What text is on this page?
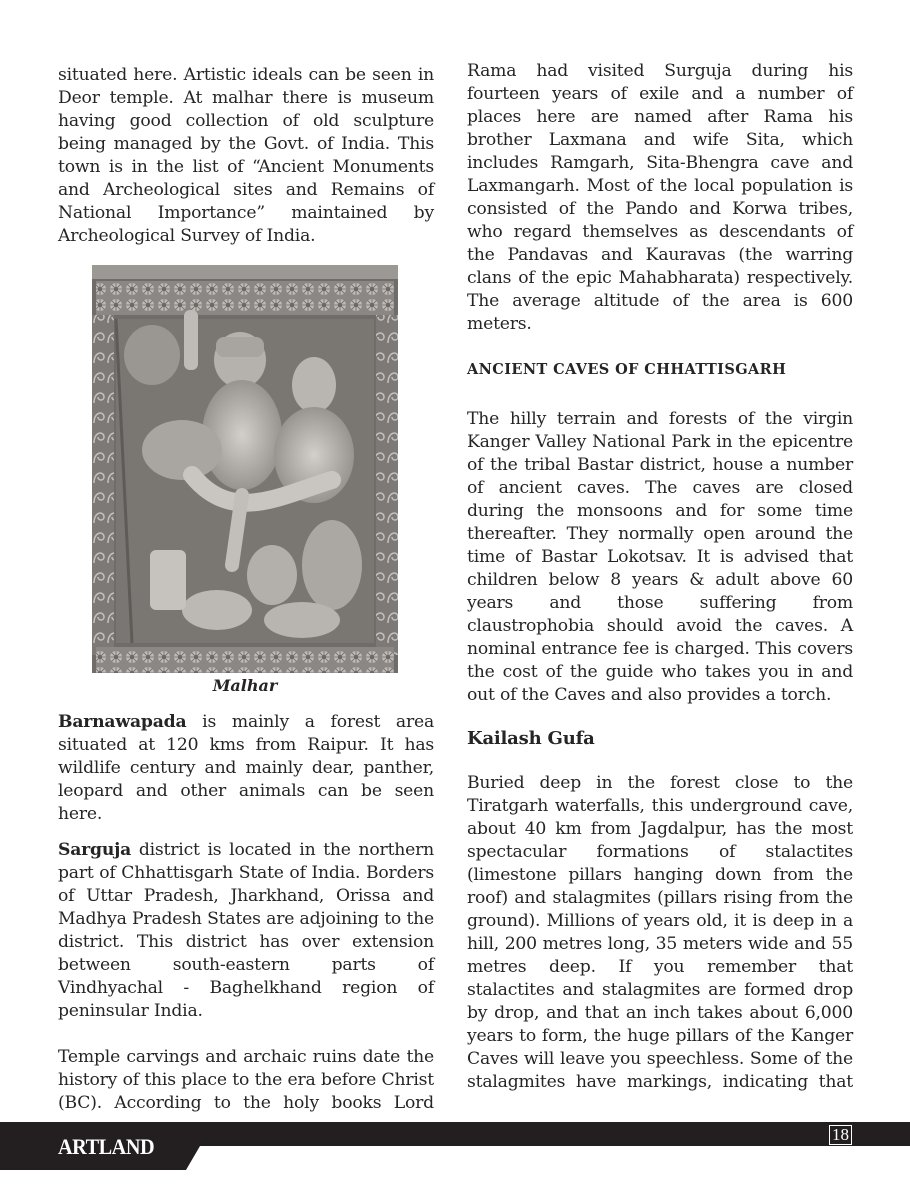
situated here. Artistic ideals can be seen in Deor temple. At malhar there is museum having good collection of old sculpture being managed by the Govt. of India. This town is in the list of “Ancient Monuments and Archeological sites and Remains of National Importance” maintained by Archeological Survey of India.

Malhar

Barnawapada is mainly a forest area situated at 120 kms from Raipur. It has wildlife century and mainly dear, panther, leopard and other animals can be seen here.

Sarguja district is located in the northern part of Chhattisgarh State of India. Borders of Uttar Pradesh, Jharkhand, Orissa and Madhya Pradesh States are adjoining to the district. This district has over extension between south-eastern parts of Vindhyachal - Baghelkhand region of peninsular India.

Temple carvings and archaic ruins date the history of this place to the era before Christ (BC). According to the holy books Lord

Rama had visited Surguja during his fourteen years of exile and a number of places here are named after Rama his brother Laxmana and wife Sita, which includes Ramgarh, Sita-Bhengra cave and Laxmangarh. Most of the local population is consisted of the Pando and Korwa tribes, who regard themselves as descendants of the Pandavas and Kauravas (the warring clans of the epic Mahabharata) respectively. The average altitude of the area is 600 meters.

ANCIENT CAVES OF CHHATTISGARH

The hilly terrain and forests of the virgin Kanger Valley National Park in the epicentre of the tribal Bastar district, house a number of ancient caves. The caves are closed during the monsoons and for some time thereafter. They normally open around the time of Bastar Lokotsav. It is advised that children below 8 years & adult above 60 years and those suffering from claustrophobia should avoid the caves. A nominal entrance fee is charged. This covers the cost of the guide who takes you in and out of the Caves and also provides a torch.

Kailash Gufa

Buried deep in the forest close to the Tiratgarh waterfalls, this underground cave, about 40 km from Jagdalpur, has the most spectacular formations of stalactites (limestone pillars hanging down from the roof) and stalagmites (pillars rising from the ground). Millions of years old, it is deep in a hill, 200 metres long, 35 meters wide and 55 metres deep. If you remember that stalactites and stalagmites are formed drop by drop, and that an inch takes about 6,000 years to form, the huge pillars of the Kanger Caves will leave you speechless. Some of the stalagmites have markings, indicating that

ARTLAND	18
